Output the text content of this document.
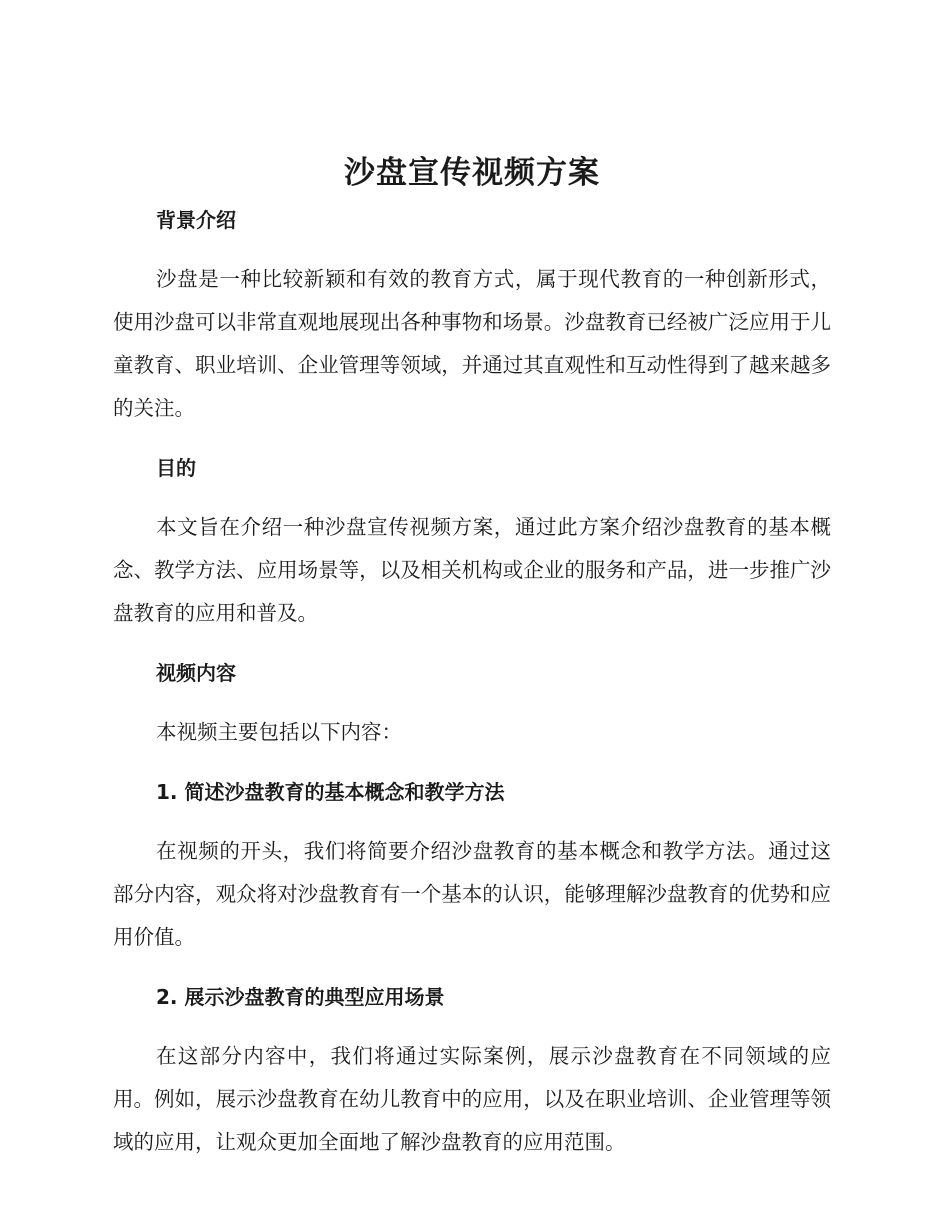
沙盘宣传视频方案
背景介绍

沙盘是一种比较新颖和有效的教育方式，属于现代教育的一种创新形式，使用沙盘可以非常直观地展现出各种事物和场景。沙盘教育已经被广泛应用于儿童教育、职业培训、企业管理等领域，并通过其直观性和互动性得到了越来越多的关注。

目的

本文旨在介绍一种沙盘宣传视频方案，通过此方案介绍沙盘教育的基本概念、教学方法、应用场景等，以及相关机构或企业的服务和产品，进一步推广沙盘教育的应用和普及。

视频内容

本视频主要包括以下内容：

1. 简述沙盘教育的基本概念和教学方法

在视频的开头，我们将简要介绍沙盘教育的基本概念和教学方法。通过这部分内容，观众将对沙盘教育有一个基本的认识，能够理解沙盘教育的优势和应用价值。

2. 展示沙盘教育的典型应用场景

在这部分内容中，我们将通过实际案例，展示沙盘教育在不同领域的应用。例如，展示沙盘教育在幼儿教育中的应用，以及在职业培训、企业管理等领域的应用，让观众更加全面地了解沙盘教育的应用范围。
